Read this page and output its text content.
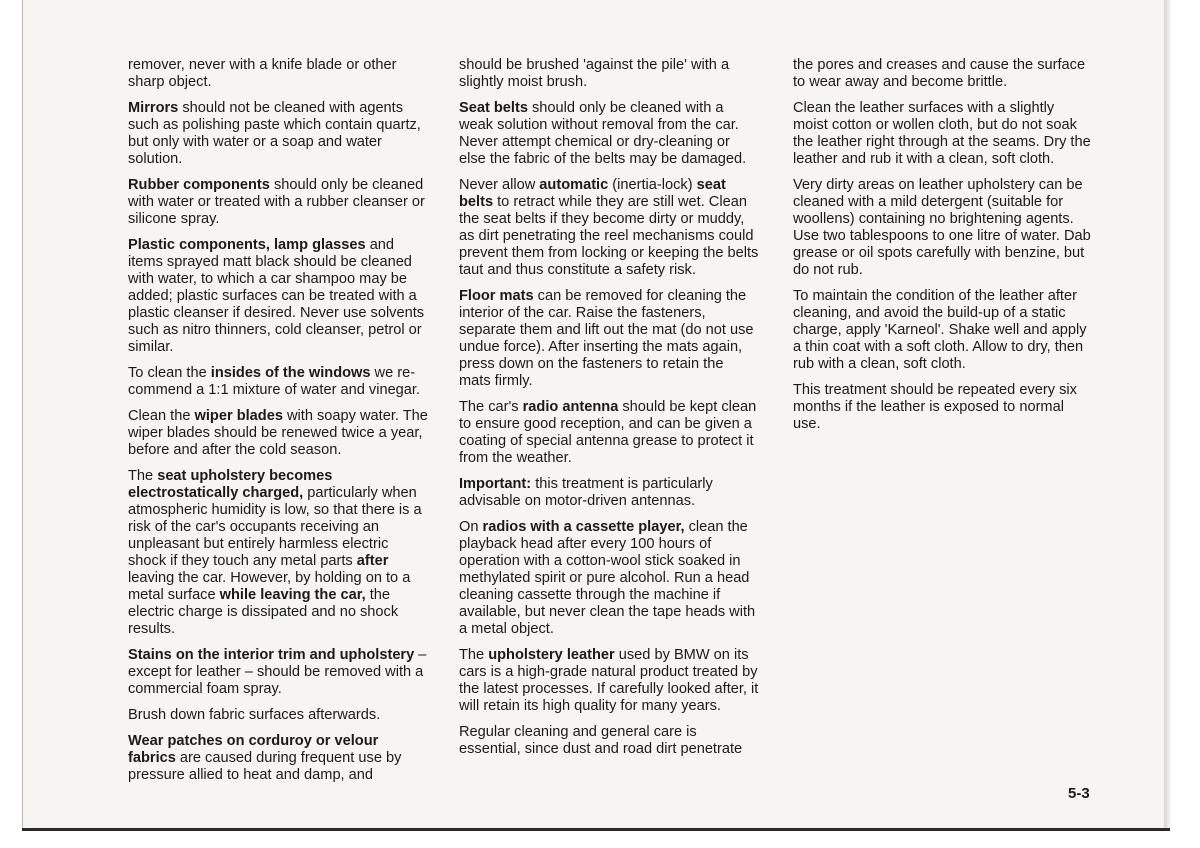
remover, never with a knife blade or other sharp object.

Mirrors should not be cleaned with agents such as polishing paste which contain quartz, but only with water or a soap and water solution.

Rubber components should only be cleaned with water or treated with a rubber cleanser or silicone spray.

Plastic components, lamp glasses and items sprayed matt black should be cleaned with water, to which a car shampoo may be added; plastic surfaces can be treated with a plastic cleanser if desired. Never use solvents such as nitro thinners, cold cleanser, petrol or similar.

To clean the insides of the windows we re-commend a 1:1 mixture of water and vinegar.

Clean the wiper blades with soapy water. The wiper blades should be renewed twice a year, before and after the cold season.

The seat upholstery becomes electrostatically charged, particularly when atmospheric humidity is low, so that there is a risk of the car's occupants receiving an unpleasant but entirely harmless electric shock if they touch any metal parts after leaving the car. However, by holding on to a metal surface while leaving the car, the electric charge is dissipated and no shock results.

Stains on the interior trim and upholstery – except for leather – should be removed with a commercial foam spray.

Brush down fabric surfaces afterwards.

Wear patches on corduroy or velour fabrics are caused during frequent use by pressure allied to heat and damp, and

should be brushed 'against the pile' with a slightly moist brush.

Seat belts should only be cleaned with a weak solution without removal from the car. Never attempt chemical or dry-cleaning or else the fabric of the belts may be damaged.

Never allow automatic (inertia-lock) seat belts to retract while they are still wet. Clean the seat belts if they become dirty or muddy, as dirt penetrating the reel mechanisms could prevent them from locking or keeping the belts taut and thus constitute a safety risk.

Floor mats can be removed for cleaning the interior of the car. Raise the fasteners, separate them and lift out the mat (do not use undue force). After inserting the mats again, press down on the fasteners to retain the mats firmly.

The car's radio antenna should be kept clean to ensure good reception, and can be given a coating of special antenna grease to protect it from the weather.

Important: this treatment is particularly advisable on motor-driven antennas.

On radios with a cassette player, clean the playback head after every 100 hours of operation with a cotton-wool stick soaked in methylated spirit or pure alcohol. Run a head cleaning cassette through the machine if available, but never clean the tape heads with a metal object.

The upholstery leather used by BMW on its cars is a high-grade natural product treated by the latest processes. If carefully looked after, it will retain its high quality for many years.

Regular cleaning and general care is essential, since dust and road dirt penetrate

the pores and creases and cause the surface to wear away and become brittle.

Clean the leather surfaces with a slightly moist cotton or wollen cloth, but do not soak the leather right through at the seams. Dry the leather and rub it with a clean, soft cloth.

Very dirty areas on leather upholstery can be cleaned with a mild detergent (suitable for woollens) containing no brightening agents. Use two tablespoons to one litre of water. Dab grease or oil spots carefully with benzine, but do not rub.

To maintain the condition of the leather after cleaning, and avoid the build-up of a static charge, apply 'Karneol'. Shake well and apply a thin coat with a soft cloth. Allow to dry, then rub with a clean, soft cloth.

This treatment should be repeated every six months if the leather is exposed to normal use.

5-3
